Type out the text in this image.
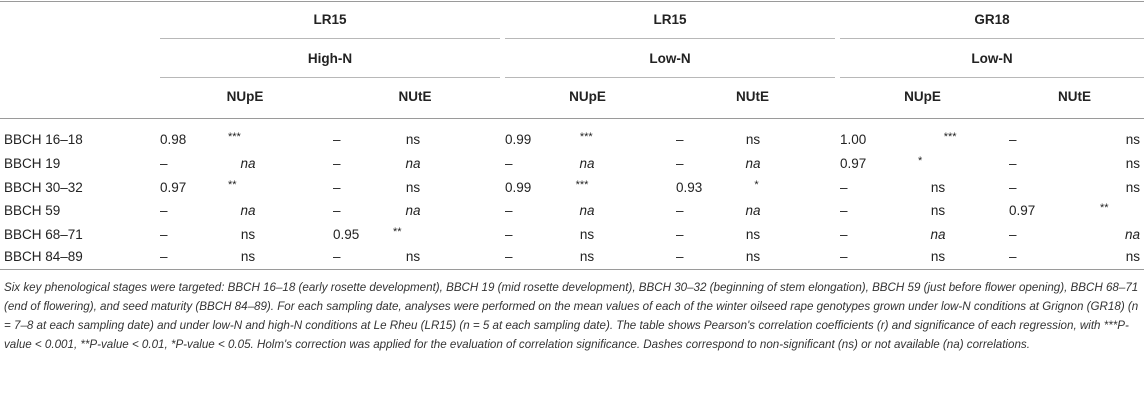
LR15	LR15	GR18
High-N	Low-N	Low-N
NUpE	NUtE	NUpE	NUtE	NUpE	NUtE
BBCH 16–18	0.98	***	–	ns	0.99	***	–	ns	1.00	***	–	ns
BBCH 19	–	na	–	na	–	na	–	na	0.97	*	–	ns
BBCH 30–32	0.97	**	–	ns	0.99	***	0.93	*	–	ns	–	ns
BBCH 59	–	na	–	na	–	na	–	na	–	ns	0.97	**
BBCH 68–71	–	ns	0.95	**	–	ns	–	ns	–	na	–	na
BBCH 84–89	–	ns	–	ns	–	ns	–	ns	–	ns	–	ns
Six key phenological stages were targeted: BBCH 16–18 (early rosette development), BBCH 19 (mid rosette development), BBCH 30–32 (beginning of stem elongation), BBCH 59 (just before flower opening), BBCH 68–71 (end of flowering), and seed maturity (BBCH 84–89). For each sampling date, analyses were performed on the mean values of each of the winter oilseed rape genotypes grown under low-N conditions at Grignon (GR18) (n = 7–8 at each sampling date) and under low-N and high-N conditions at Le Rheu (LR15) (n = 5 at each sampling date). The table shows Pearson's correlation coefficients (r) and significance of each regression, with ***P-value < 0.001, **P-value < 0.01, *P-value < 0.05. Holm's correction was applied for the evaluation of correlation significance. Dashes correspond to non-significant (ns) or not available (na) correlations.
